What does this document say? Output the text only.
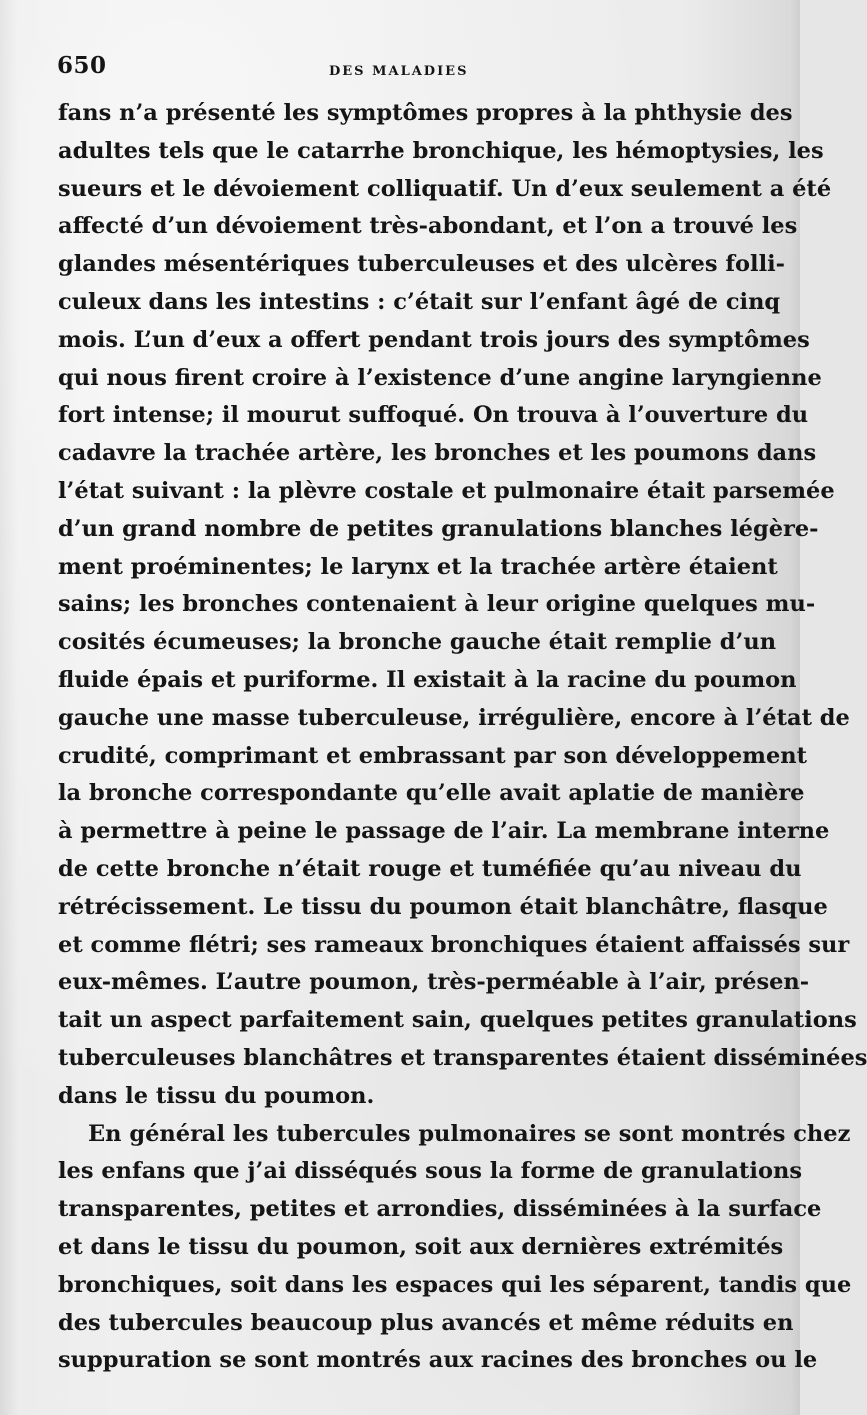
650	DES MALADIES
fans n’a présenté les symptômes propres à la phthysie des
adultes tels que le catarrhe bronchique, les hémoptysies, les
sueurs et le dévoiement colliquatif. Un d’eux seulement a été
affecté d’un dévoiement très-abondant, et l’on a trouvé les
glandes mésentériques tuberculeuses et des ulcères folli-
culeux dans les intestins : c’était sur l’enfant âgé de cinq
mois. L’un d’eux a offert pendant trois jours des symptômes
qui nous firent croire à l’existence d’une angine laryngienne
fort intense; il mourut suffoqué. On trouva à l’ouverture du
cadavre la trachée artère, les bronches et les poumons dans
l’état suivant : la plèvre costale et pulmonaire était parsemée
d’un grand nombre de petites granulations blanches légère-
ment proéminentes; le larynx et la trachée artère étaient
sains; les bronches contenaient à leur origine quelques mu-
cosités écumeuses; la bronche gauche était remplie d’un
fluide épais et puriforme. Il existait à la racine du poumon
gauche une masse tuberculeuse, irrégulière, encore à l’état de
crudité, comprimant et embrassant par son développement
la bronche correspondante qu’elle avait aplatie de manière
à permettre à peine le passage de l’air. La membrane interne
de cette bronche n’était rouge et tuméfiée qu’au niveau du
rétrécissement. Le tissu du poumon était blanchâtre, flasque
et comme flétri; ses rameaux bronchiques étaient affaissés sur
eux-mêmes. L’autre poumon, très-perméable à l’air, présen-
tait un aspect parfaitement sain, quelques petites granulations
tuberculeuses blanchâtres et transparentes étaient disséminées
dans le tissu du poumon.
En général les tubercules pulmonaires se sont montrés chez
les enfans que j’ai disséqués sous la forme de granulations
transparentes, petites et arrondies, disséminées à la surface
et dans le tissu du poumon, soit aux dernières extrémités
bronchiques, soit dans les espaces qui les séparent, tandis que
des tubercules beaucoup plus avancés et même réduits en
suppuration se sont montrés aux racines des bronches ou le
